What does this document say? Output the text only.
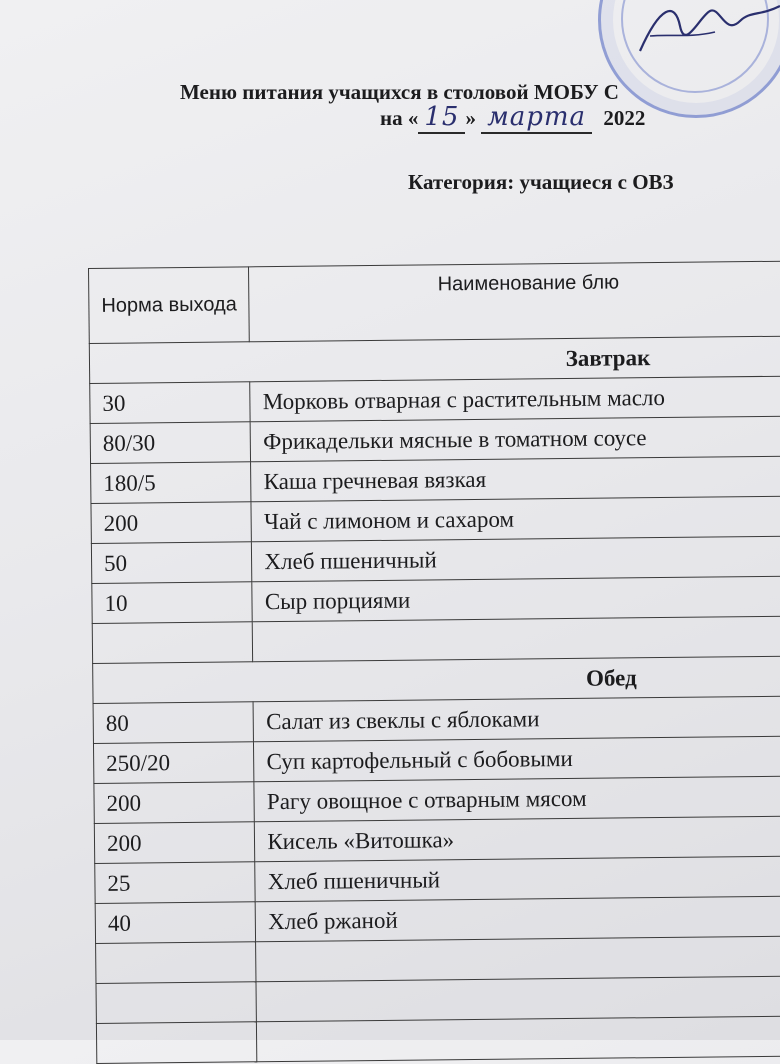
Меню питания учащихся в столовой МОБУ С
на « 15 » марта 2022
Категория: учащиеся с ОВЗ
Норма выхода	Наименование блю
Завтрак	
30	Морковь отварная с растительным масло
80/30	Фрикадельки мясные в томатном соусе
180/5	Каша гречневая вязкая
200	Чай с лимоном и сахаром
50	Хлеб пшеничный
10	Сыр порциями

Обед	
80	Салат из свеклы с яблоками
250/20	Суп картофельный с бобовыми
200	Рагу овощное с отварным мясом
200	Кисель «Витошка»
25	Хлеб пшеничный
40	Хлеб ржаной
